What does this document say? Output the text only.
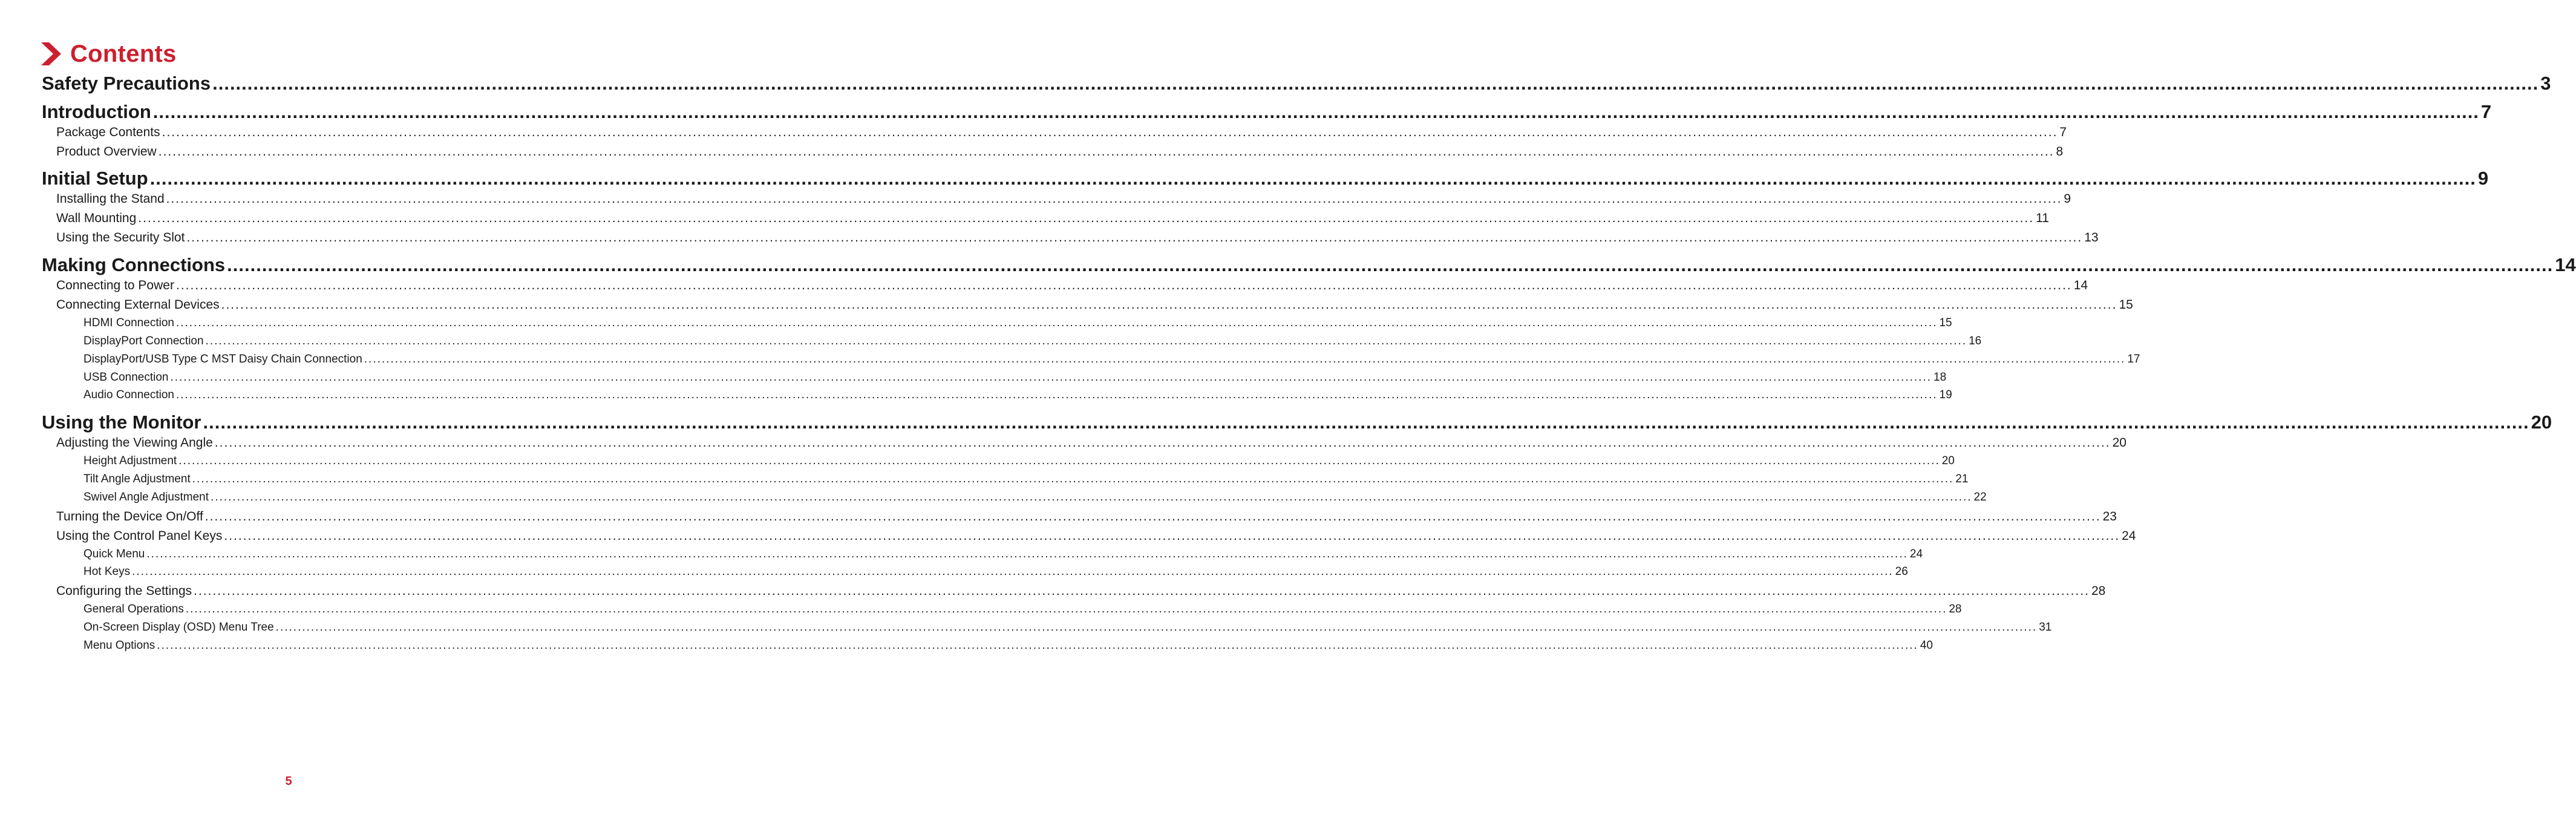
Contents
Safety Precautions ................................................................................................................................................................................................................................................................................................................................................................................................................ 3
Introduction ................................................................................................................................................................................................................................................................................................................................................................................................................ 7
Package Contents ................................................................................................................................................................................................................................................................................................................................................................................................................ 7
Product Overview ................................................................................................................................................................................................................................................................................................................................................................................................................ 8
Initial Setup ................................................................................................................................................................................................................................................................................................................................................................................................................ 9
Installing the Stand ................................................................................................................................................................................................................................................................................................................................................................................................................ 9
Wall Mounting ................................................................................................................................................................................................................................................................................................................................................................................................................ 11
Using the Security Slot ................................................................................................................................................................................................................................................................................................................................................................................................................ 13
Making Connections ................................................................................................................................................................................................................................................................................................................................................................................................................ 14
Connecting to Power ................................................................................................................................................................................................................................................................................................................................................................................................................ 14
Connecting External Devices ................................................................................................................................................................................................................................................................................................................................................................................................................ 15
HDMI Connection ................................................................................................................................................................................................................................................................................................................................................................................................................ 15
DisplayPort Connection ................................................................................................................................................................................................................................................................................................................................................................................................................ 16
DisplayPort/USB Type C MST Daisy Chain Connection ................................................................................................................................................................................................................................................................................................................................................................................................................ 17
USB Connection ................................................................................................................................................................................................................................................................................................................................................................................................................ 18
Audio Connection ................................................................................................................................................................................................................................................................................................................................................................................................................ 19
Using the Monitor ................................................................................................................................................................................................................................................................................................................................................................................................................ 20
Adjusting the Viewing Angle ................................................................................................................................................................................................................................................................................................................................................................................................................ 20
Height Adjustment ................................................................................................................................................................................................................................................................................................................................................................................................................ 20
Tilt Angle Adjustment ................................................................................................................................................................................................................................................................................................................................................................................................................ 21
Swivel Angle Adjustment ................................................................................................................................................................................................................................................................................................................................................................................................................ 22
Turning the Device On/Off ................................................................................................................................................................................................................................................................................................................................................................................................................ 23
Using the Control Panel Keys ................................................................................................................................................................................................................................................................................................................................................................................................................ 24
Quick Menu ................................................................................................................................................................................................................................................................................................................................................................................................................ 24
Hot Keys ................................................................................................................................................................................................................................................................................................................................................................................................................ 26
Configuring the Settings ................................................................................................................................................................................................................................................................................................................................................................................................................ 28
General Operations ................................................................................................................................................................................................................................................................................................................................................................................................................ 28
On-Screen Display (OSD) Menu Tree ................................................................................................................................................................................................................................................................................................................................................................................................................ 31
Menu Options ................................................................................................................................................................................................................................................................................................................................................................................................................ 40
5
